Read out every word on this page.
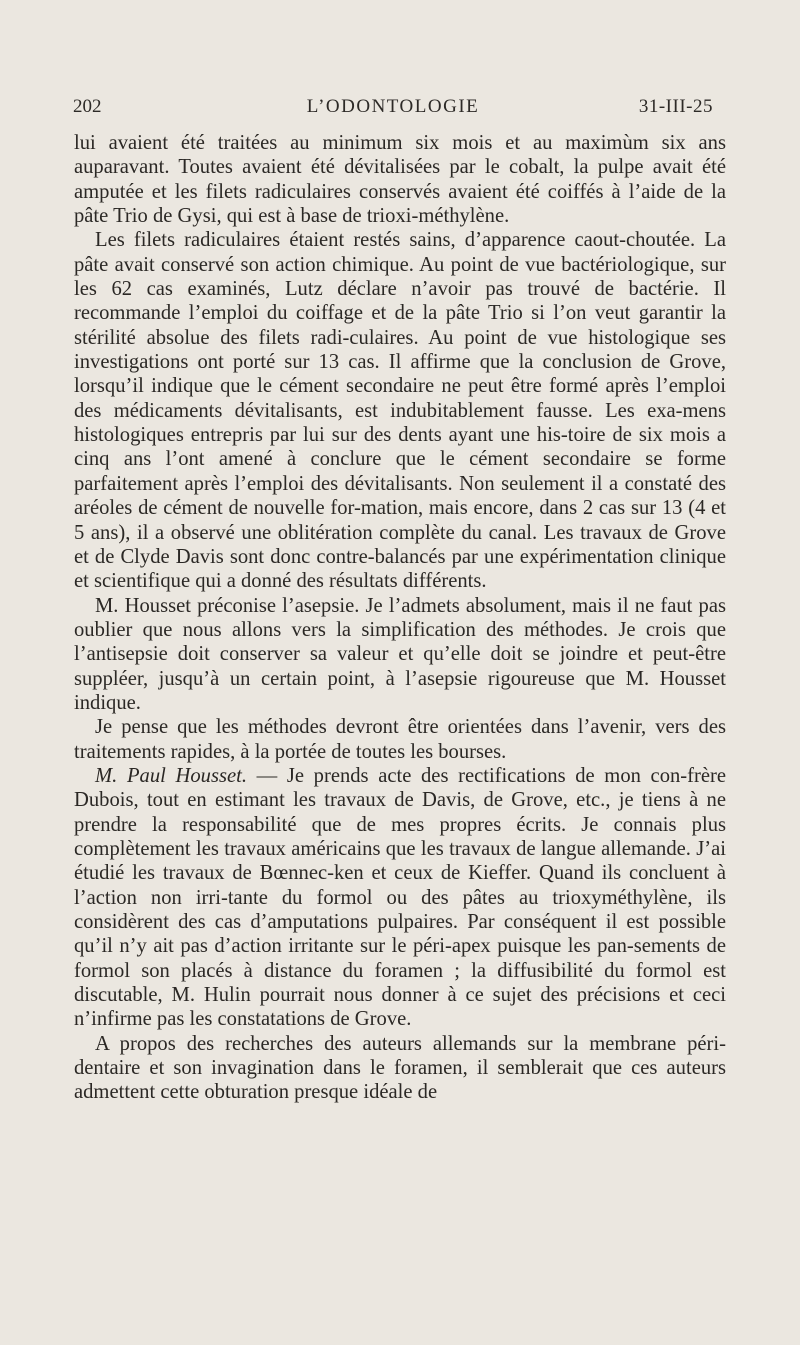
202	L’ODONTOLOGIE	31-III-25

lui avaient été traitées au minimum six mois et au maximùm six ans auparavant. Toutes avaient été dévitalisées par le cobalt, la pulpe avait été amputée et les filets radiculaires conservés avaient été coiffés à l’aide de la pâte Trio de Gysi, qui est à base de trioxi-méthylène.

Les filets radiculaires étaient restés sains, d’apparence caout-choutée. La pâte avait conservé son action chimique. Au point de vue bactériologique, sur les 62 cas examinés, Lutz déclare n’avoir pas trouvé de bactérie. Il recommande l’emploi du coiffage et de la pâte Trio si l’on veut garantir la stérilité absolue des filets radi-culaires. Au point de vue histologique ses investigations ont porté sur 13 cas. Il affirme que la conclusion de Grove, lorsqu’il indique que le cément secondaire ne peut être formé après l’emploi des médicaments dévitalisants, est indubitablement fausse. Les exa-mens histologiques entrepris par lui sur des dents ayant une his-toire de six mois a cinq ans l’ont amené à conclure que le cément secondaire se forme parfaitement après l’emploi des dévitalisants. Non seulement il a constaté des aréoles de cément de nouvelle for-mation, mais encore, dans 2 cas sur 13 (4 et 5 ans), il a observé une oblitération complète du canal. Les travaux de Grove et de Clyde Davis sont donc contre-balancés par une expérimentation clinique et scientifique qui a donné des résultats différents.

M. Housset préconise l’asepsie. Je l’admets absolument, mais il ne faut pas oublier que nous allons vers la simplification des méthodes. Je crois que l’antisepsie doit conserver sa valeur et qu’elle doit se joindre et peut-être suppléer, jusqu’à un certain point, à l’asepsie rigoureuse que M. Housset indique.

Je pense que les méthodes devront être orientées dans l’avenir, vers des traitements rapides, à la portée de toutes les bourses.

M. Paul Housset. — Je prends acte des rectifications de mon con-frère Dubois, tout en estimant les travaux de Davis, de Grove, etc., je tiens à ne prendre la responsabilité que de mes propres écrits. Je connais plus complètement les travaux américains que les travaux de langue allemande. J’ai étudié les travaux de Bœnnec-ken et ceux de Kieffer. Quand ils concluent à l’action non irri-tante du formol ou des pâtes au trioxyméthylène, ils considèrent des cas d’amputations pulpaires. Par conséquent il est possible qu’il n’y ait pas d’action irritante sur le péri-apex puisque les pan-sements de formol son placés à distance du foramen ; la diffusibilité du formol est discutable, M. Hulin pourrait nous donner à ce sujet des précisions et ceci n’infirme pas les constatations de Grove.

A propos des recherches des auteurs allemands sur la membrane péri-dentaire et son invagination dans le foramen, il semblerait que ces auteurs admettent cette obturation presque idéale de
